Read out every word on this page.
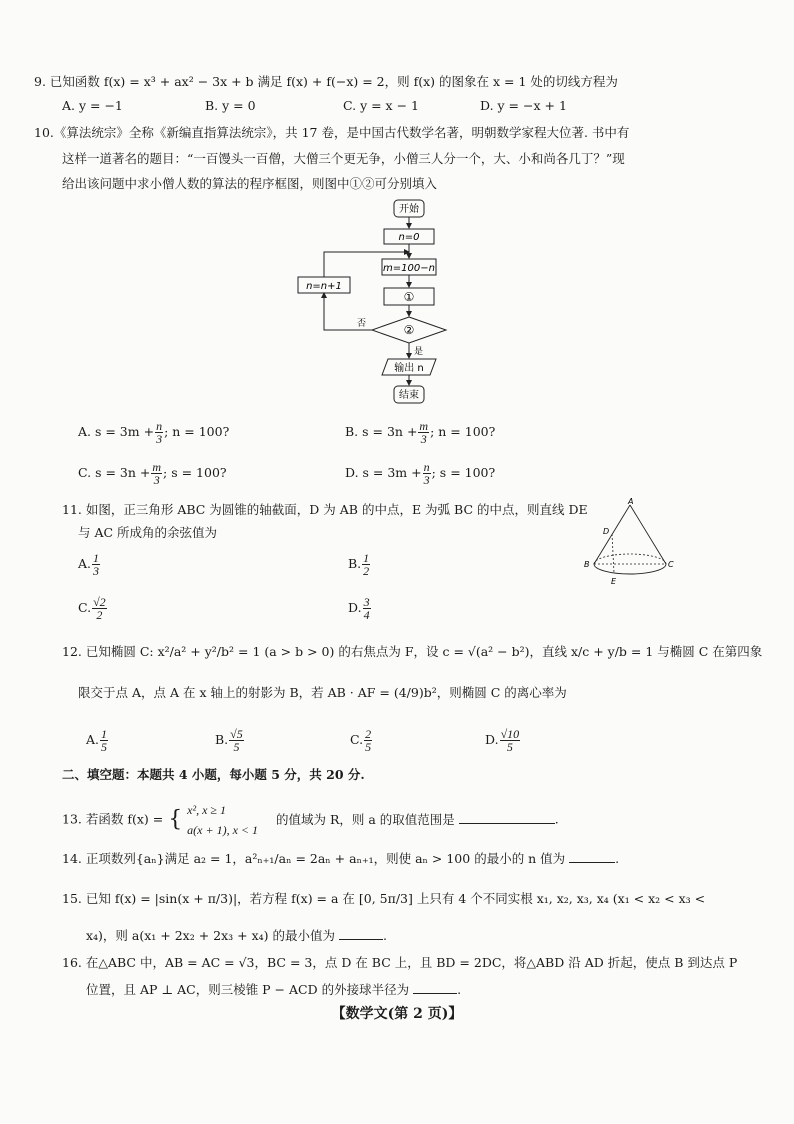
9. 已知函数 f(x) = x³ + ax² − 3x + b 满足 f(x) + f(−x) = 2，则 f(x) 的图象在 x = 1 处的切线方程为
A. y = −1	B. y = 0	C. y = x − 1	D. y = −x + 1
10.《算法统宗》全称《新编直指算法统宗》，共 17 卷，是中国古代数学名著，明朝数学家程大位著. 书中有
这样一道著名的题目：“一百馒头一百僧，大僧三个更无争，小僧三人分一个，大、小和尚各几丁？”现
给出该问题中求小僧人数的算法的程序框图，则图中①②可分别填入
开始
n=0
m=100−n
①
②
否
n=n+1
是
输出 n
结束
A. $s = 3m + \frac{n}{3}$ ; n = 100?	B. $s = 3n + \frac{m}{3}$ ; n = 100?
C. $s = 3n + \frac{m}{3}$ ; s = 100?	D. $s = 3m + \frac{n}{3}$ ; s = 100?
11. 如图，正三角形 ABC 为圆锥的轴截面，D 为 AB 的中点，E 为弧 BC 的中点，则直线 DE
与 AC 所成角的余弦值为
A. $\frac{1}{3}$	B. $\frac{1}{2}$
C. $\frac{√2}{2}$	D. $\frac{3}{4}$
A
D
B	C
E
12. 已知椭圆 C: x²/a² + y²/b² = 1 (a > b > 0) 的右焦点为 F，设 c = √(a² − b²)，直线 x/c + y/b = 1 与椭圆 C 在第四象
限交于点 A，点 A 在 x 轴上的射影为 B，若 AB · AF = (4/9)b²，则椭圆 C 的离心率为
A. $\frac{1}{5}$	B. $\frac{√5}{5}$	C. $\frac{2}{5}$	D. $\frac{√10}{5}$
二、填空题：本题共 4 小题，每小题 5 分，共 20 分.
13. 若函数 f(x) = { x², x ≥ 1
a(x + 1), x < 1
的值域为 R，则 a 的取值范围是	.
14. 正项数列{aₙ}满足 a₂ = 1，a²ₙ₊₁/aₙ = 2aₙ + aₙ₊₁，则使 aₙ > 100 的最小的 n 值为	.
15. 已知 f(x) = |sin(x + π/3)|，若方程 f(x) = a 在 [0, 5π/3] 上只有 4 个不同实根 x₁, x₂, x₃, x₄ (x₁ < x₂ < x₃ <
x₄)，则 a(x₁ + 2x₂ + 2x₃ + x₄) 的最小值为	.
16. 在△ABC 中，AB = AC = √3，BC = 3，点 D 在 BC 上，且 BD = 2DC，将△ABD 沿 AD 折起，使点 B 到达点 P
位置，且 AP ⊥ AC，则三棱锥 P − ACD 的外接球半径为	.
【数学文(第 2 页)】
